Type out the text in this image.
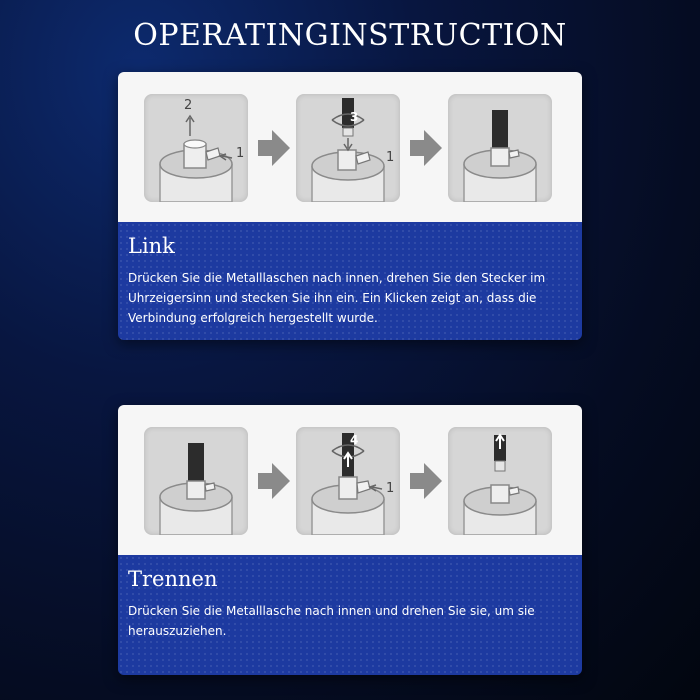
OPERATINGINSTRUCTION
2
1
3
1
Link
Drücken Sie die Metalllaschen nach innen, drehen Sie den Stecker im Uhrzeigersinn und stecken Sie ihn ein. Ein Klicken zeigt an, dass die Verbindung erfolgreich hergestellt wurde.
4
1
Trennen
Drücken Sie die Metalllasche nach innen und drehen Sie sie, um sie herauszuziehen.
